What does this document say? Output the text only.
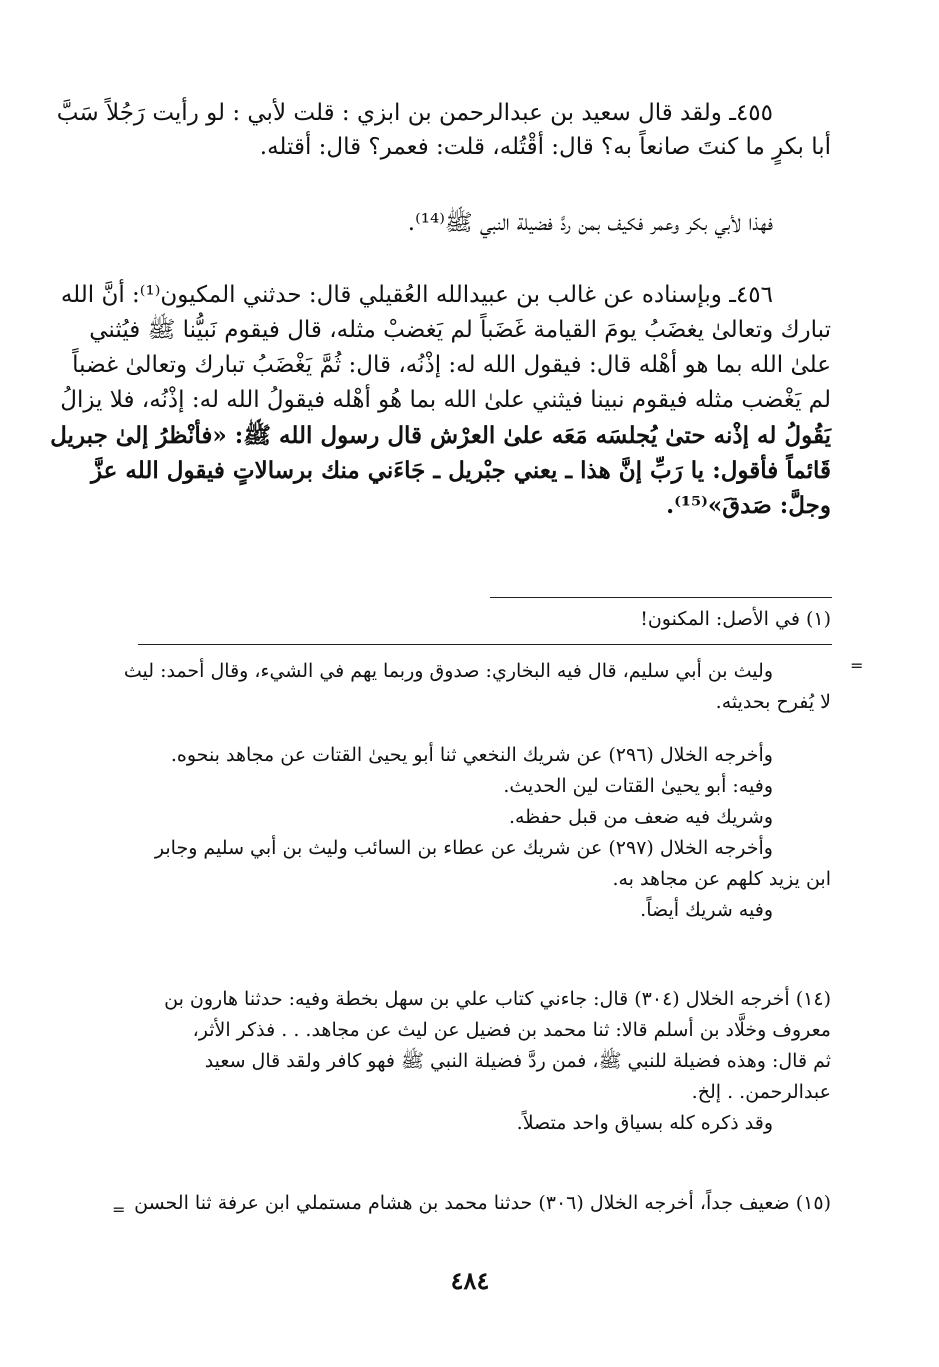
٤٥٥ـ ولقد قال سعيد بن عبدالرحمن بن ابزي : قلت لأبي : لو رأيت رَجُلاً سَبَّ
أبا بكرٍ ما كنتَ صانعاً به؟ قال: أقْتُله، قلت: فعمر؟ قال: أقتله.
فهذا لأبي بكر وعمر فكيف بمن ردَّ فضيلة النبي ﷺ⁽¹⁴⁾.
٤٥٦ـ وبإسناده عن غالب بن عبيدالله العُقيلي قال: حدثني المكيون⁽¹⁾: أنَّ الله
تبارك وتعالىٰ يغضَبُ يومَ القيامة غَضَباً لم يَغضبْ مثله، قال فيقوم نَبيُّنا ﷺ فيُثني
علىٰ الله بما هو أهْله قال: فيقول الله له: إذْنُه، قال: ثُمَّ يَغْضَبُ تبارك وتعالىٰ غضباً
لم يَغْضب مثله فيقوم نبينا فيثني علىٰ الله بما هُو أهْله فيقولُ الله له: إذْنُه، فلا يزالُ
يَقُولُ له إذْنه حتىٰ يُجلسَه مَعَه علىٰ العرْش قال رسول الله ﷺ: «فأنْظرُ إلىٰ جبريل
قَائماً فأقول: يا رَبِّ إنَّ هذا ـ يعني جبْريل ـ جَاءَني منك برسالاتٍ فيقول الله عزَّ
وجلَّ: صَدقَ»⁽¹⁵⁾.
(١) في الأصل: المكنون!
=
وليث بن أبي سليم، قال فيه البخاري: صدوق وربما يهم في الشيء، وقال أحمد: ليث
لا يُفرح بحديثه.
وأخرجه الخلال (٢٩٦) عن شريك النخعي ثنا أبو يحيىٰ القتات عن مجاهد بنحوه.
وفيه: أبو يحيىٰ القتات لين الحديث.
وشريك فيه ضعف من قبل حفظه.
وأخرجه الخلال (٢٩٧) عن شريك عن عطاء بن السائب وليث بن أبي سليم وجابر
ابن يزيد كلهم عن مجاهد به.
وفيه شريك أيضاً.
(١٤) أخرجه الخلال (٣٠٤) قال: جاءني كتاب علي بن سهل بخطة وفيه: حدثنا هارون بن
معروف وخلَّاد بن أسلم قالا: ثنا محمد بن فضيل عن ليث عن مجاهد. . . فذكر الأثر،
ثم قال: وهذه فضيلة للنبي ﷺ، فمن ردَّ فضيلة النبي ﷺ فهو كافر ولقد قال سعيد
عبدالرحمن. . إلخ.
وقد ذكره كله بسياق واحد متصلاً.
(١٥) ضعيف جداً، أخرجه الخلال (٣٠٦) حدثنا محمد بن هشام مستملي ابن عرفة ثنا الحسن
=
٤٨٤
